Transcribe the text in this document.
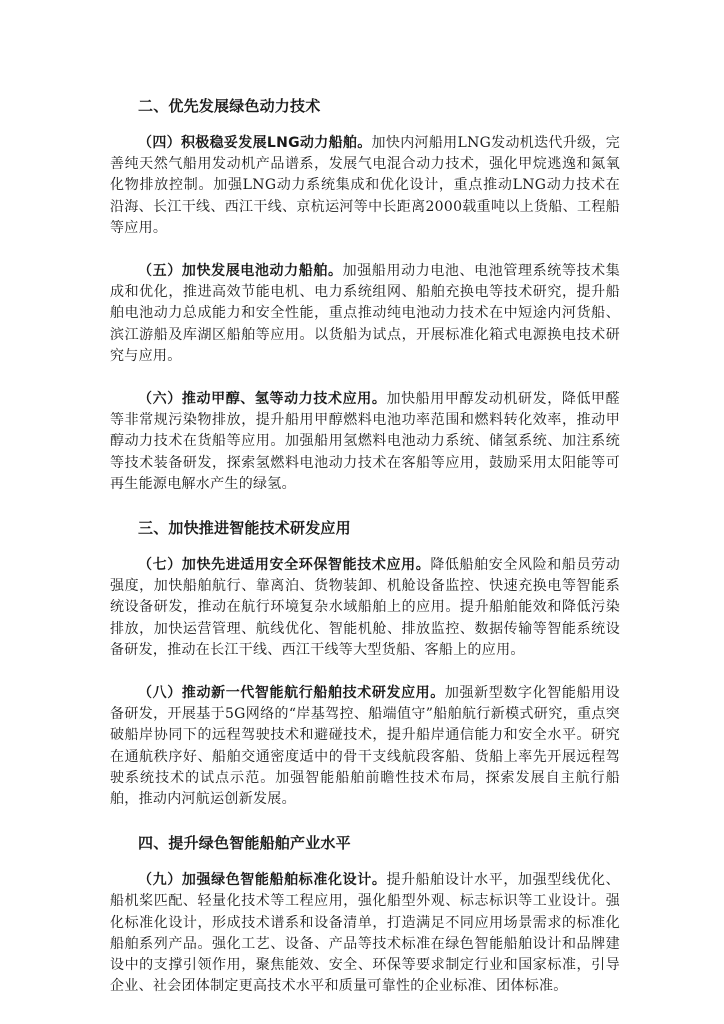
二、优先发展绿色动力技术

（四）积极稳妥发展LNG动力船舶。加快内河船用LNG发动机迭代升级，完善纯天然气船用发动机产品谱系，发展气电混合动力技术，强化甲烷逃逸和氮氧化物排放控制。加强LNG动力系统集成和优化设计，重点推动LNG动力技术在沿海、长江干线、西江干线、京杭运河等中长距离2000载重吨以上货船、工程船等应用。

（五）加快发展电池动力船舶。加强船用动力电池、电池管理系统等技术集成和优化，推进高效节能电机、电力系统组网、船舶充换电等技术研究，提升船舶电池动力总成能力和安全性能，重点推动纯电池动力技术在中短途内河货船、滨江游船及库湖区船舶等应用。以货船为试点，开展标准化箱式电源换电技术研究与应用。

（六）推动甲醇、氢等动力技术应用。加快船用甲醇发动机研发，降低甲醛等非常规污染物排放，提升船用甲醇燃料电池功率范围和燃料转化效率，推动甲醇动力技术在货船等应用。加强船用氢燃料电池动力系统、储氢系统、加注系统等技术装备研发，探索氢燃料电池动力技术在客船等应用，鼓励采用太阳能等可再生能源电解水产生的绿氢。

三、加快推进智能技术研发应用

（七）加快先进适用安全环保智能技术应用。降低船舶安全风险和船员劳动强度，加快船舶航行、靠离泊、货物装卸、机舱设备监控、快速充换电等智能系统设备研发，推动在航行环境复杂水域船舶上的应用。提升船舶能效和降低污染排放，加快运营管理、航线优化、智能机舱、排放监控、数据传输等智能系统设备研发，推动在长江干线、西江干线等大型货船、客船上的应用。

（八）推动新一代智能航行船舶技术研发应用。加强新型数字化智能船用设备研发，开展基于5G网络的“岸基驾控、船端值守”船舶航行新模式研究，重点突破船岸协同下的远程驾驶技术和避碰技术，提升船岸通信能力和安全水平。研究在通航秩序好、船舶交通密度适中的骨干支线航段客船、货船上率先开展远程驾驶系统技术的试点示范。加强智能船舶前瞻性技术布局，探索发展自主航行船舶，推动内河航运创新发展。

四、提升绿色智能船舶产业水平

（九）加强绿色智能船舶标准化设计。提升船舶设计水平，加强型线优化、船机桨匹配、轻量化技术等工程应用，强化船型外观、标志标识等工业设计。强化标准化设计，形成技术谱系和设备清单，打造满足不同应用场景需求的标准化船舶系列产品。强化工艺、设备、产品等技术标准在绿色智能船舶设计和品牌建设中的支撑引领作用，聚焦能效、安全、环保等要求制定行业和国家标准，引导企业、社会团体制定更高技术水平和质量可靠性的企业标准、团体标准。
